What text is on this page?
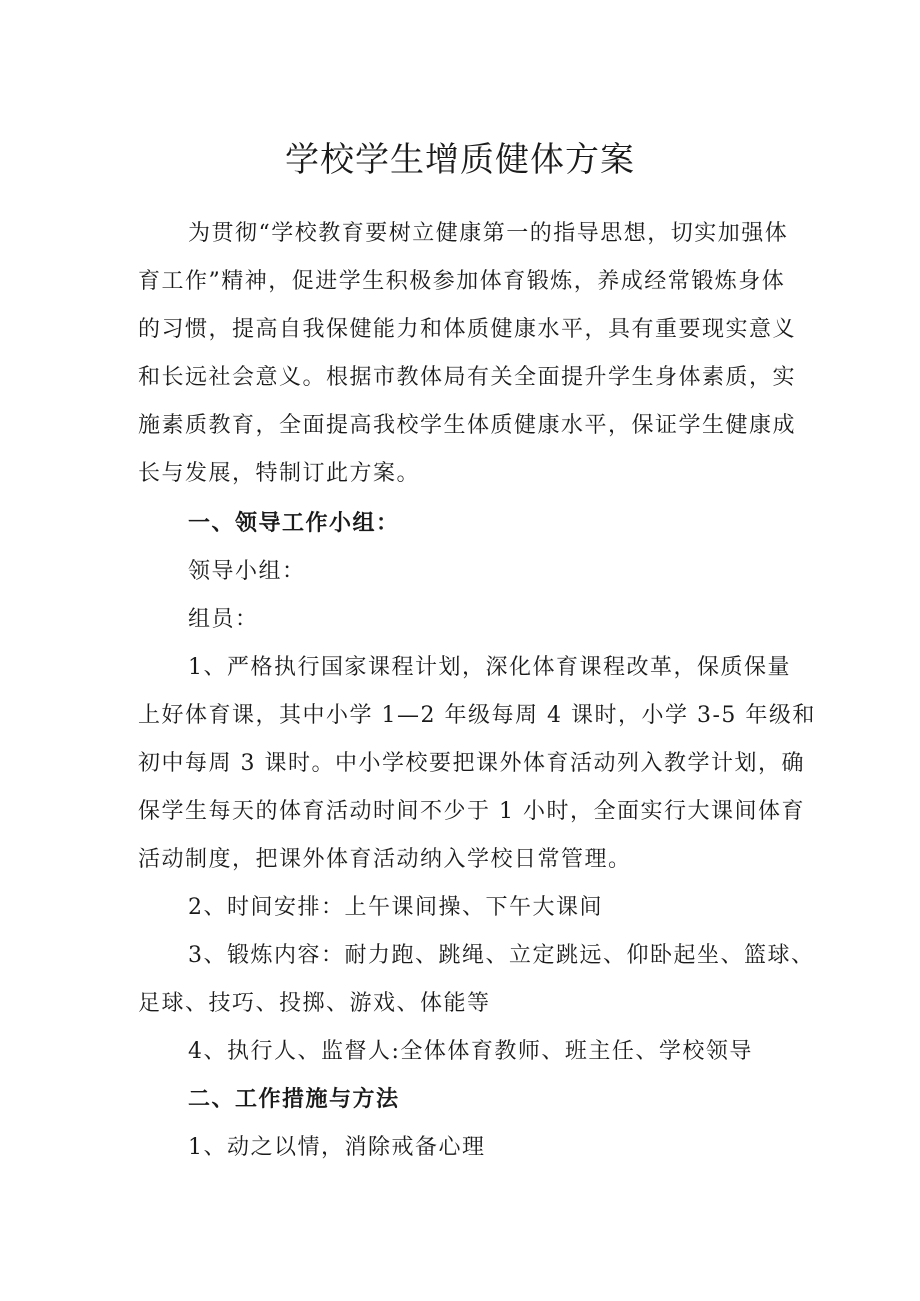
学校学生增质健体方案
为贯彻“学校教育要树立健康第一的指导思想，切实加强体
育工作”精神，促进学生积极参加体育锻炼，养成经常锻炼身体
的习惯，提高自我保健能力和体质健康水平，具有重要现实意义
和长远社会意义。根据市教体局有关全面提升学生身体素质，实
施素质教育，全面提高我校学生体质健康水平，保证学生健康成
长与发展，特制订此方案。
一、领导工作小组：
领导小组：
组员：
1、严格执行国家课程计划，深化体育课程改革，保质保量
上好体育课，其中小学 1—2 年级每周 4 课时，小学 3-5 年级和
初中每周 3 课时。中小学校要把课外体育活动列入教学计划，确
保学生每天的体育活动时间不少于 1 小时，全面实行大课间体育
活动制度，把课外体育活动纳入学校日常管理。
2、时间安排：上午课间操、下午大课间
3、锻炼内容：耐力跑、跳绳、立定跳远、仰卧起坐、篮球、
足球、技巧、投掷、游戏、体能等
4、执行人、监督人:全体体育教师、班主任、学校领导
二、工作措施与方法
1、动之以情，消除戒备心理
